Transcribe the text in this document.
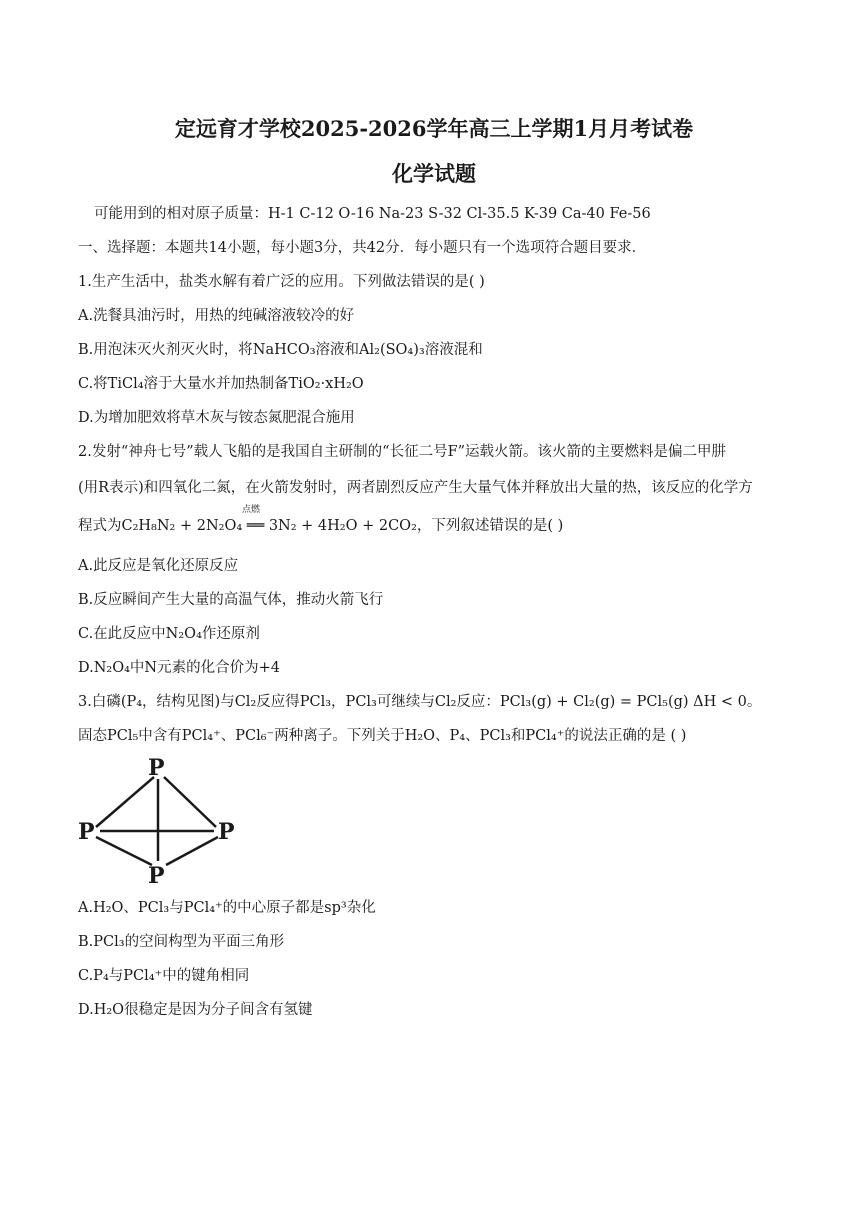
定远育才学校2025-2026学年高三上学期1月月考试卷
化学试题
可能用到的相对原子质量：H-1 C-12 O-16 Na-23 S-32 Cl-35.5 K-39 Ca-40 Fe-56
一、选择题：本题共14小题，每小题3分，共42分．每小题只有一个选项符合题目要求．
1.生产生活中，盐类水解有着广泛的应用。下列做法错误的是( )
A.洗餐具油污时，用热的纯碱溶液较冷的好
B.用泡沫灭火剂灭火时，将NaHCO₃溶液和Al₂(SO₄)₃溶液混和
C.将TiCl₄溶于大量水并加热制备TiO₂·xH₂O
D.为增加肥效将草木灰与铵态氮肥混合施用
2.发射“神舟七号”载人飞船的是我国自主研制的“长征二号F”运载火箭。该火箭的主要燃料是偏二甲肼
(用R表示)和四氧化二氮，在火箭发射时，两者剧烈反应产生大量气体并释放出大量的热，该反应的化学方
程式为C₂H₈N₂ + 2N₂O₄ ══ 3N₂ + 4H₂O + 2CO₂，下列叙述错误的是( )
点燃
A.此反应是氧化还原反应
B.反应瞬间产生大量的高温气体，推动火箭飞行
C.在此反应中N₂O₄作还原剂
D.N₂O₄中N元素的化合价为+4
3.白磷(P₄，结构见图)与Cl₂反应得PCl₃，PCl₃可继续与Cl₂反应：PCl₃(g) + Cl₂(g) = PCl₅(g) ΔH < 0。
固态PCl₅中含有PCl₄⁺、PCl₆⁻两种离子。下列关于H₂O、P₄、PCl₃和PCl₄⁺的说法正确的是 ( )
P
P	P
P
A.H₂O、PCl₃与PCl₄⁺的中心原子都是sp³杂化
B.PCl₃的空间构型为平面三角形
C.P₄与PCl₄⁺中的键角相同
D.H₂O很稳定是因为分子间含有氢键
